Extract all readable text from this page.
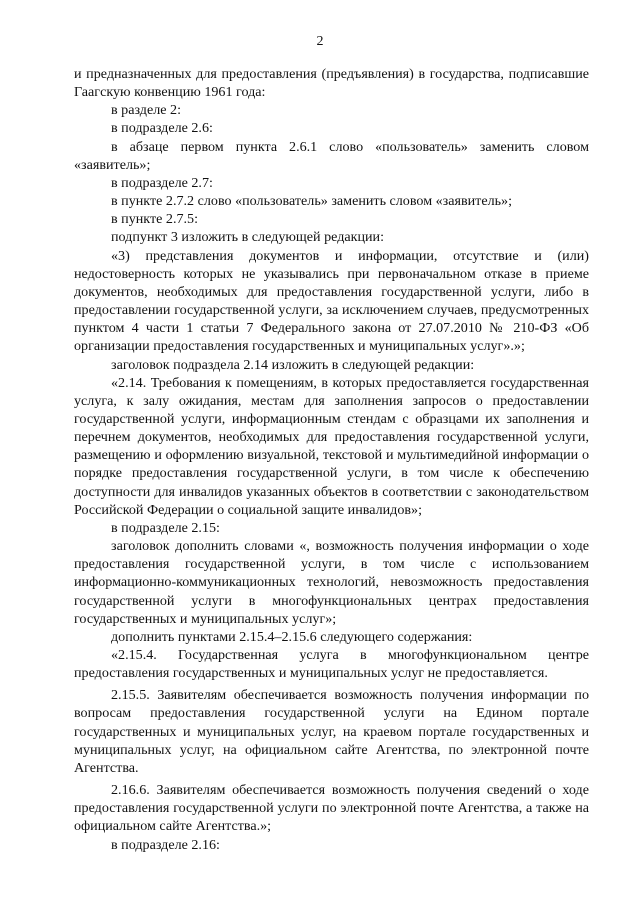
2

и предназначенных для предоставления (предъявления) в государства, подписавшие Гаагскую конвенцию 1961 года:

в разделе 2:

в подразделе 2.6:

в абзаце первом пункта 2.6.1 слово «пользователь» заменить словом «заявитель»;

в подразделе 2.7:

в пункте 2.7.2 слово «пользователь» заменить словом «заявитель»;

в пункте 2.7.5:

подпункт 3 изложить в следующей редакции:

«3) представления документов и информации, отсутствие и (или) недостоверность которых не указывались при первоначальном отказе в приеме документов, необходимых для предоставления государственной услуги, либо в предоставлении государственной услуги, за исключением случаев, предусмотренных пунктом 4 части 1 статьи 7 Федерального закона от 27.07.2010 № 210-ФЗ «Об организации предоставления государственных и муниципальных услуг».»;

заголовок подраздела 2.14 изложить в следующей редакции:

«2.14. Требования к помещениям, в которых предоставляется государственная услуга, к залу ожидания, местам для заполнения запросов о предоставлении государственной услуги, информационным стендам с образцами их заполнения и перечнем документов, необходимых для предоставления государственной услуги, размещению и оформлению визуальной, текстовой и мультимедийной информации о порядке предоставления государственной услуги, в том числе к обеспечению доступности для инвалидов указанных объектов в соответствии с законодательством Российской Федерации о социальной защите инвалидов»;

в подразделе 2.15:

заголовок дополнить словами «, возможность получения информации о ходе предоставления государственной услуги, в том числе с использованием информационно-коммуникационных технологий, невозможность предоставления государственной услуги в многофункциональных центрах предоставления государственных и муниципальных услуг»;

дополнить пунктами 2.15.4–2.15.6 следующего содержания:

«2.15.4. Государственная услуга в многофункциональном центре предоставления государственных и муниципальных услуг не предоставляется.

2.15.5. Заявителям обеспечивается возможность получения информации по вопросам предоставления государственной услуги на Едином портале государственных и муниципальных услуг, на краевом портале государственных и муниципальных услуг, на официальном сайте Агентства, по электронной почте Агентства.

2.16.6. Заявителям обеспечивается возможность получения сведений о ходе предоставления государственной услуги по электронной почте Агентства, а также на официальном сайте Агентства.»;

в подразделе 2.16:
